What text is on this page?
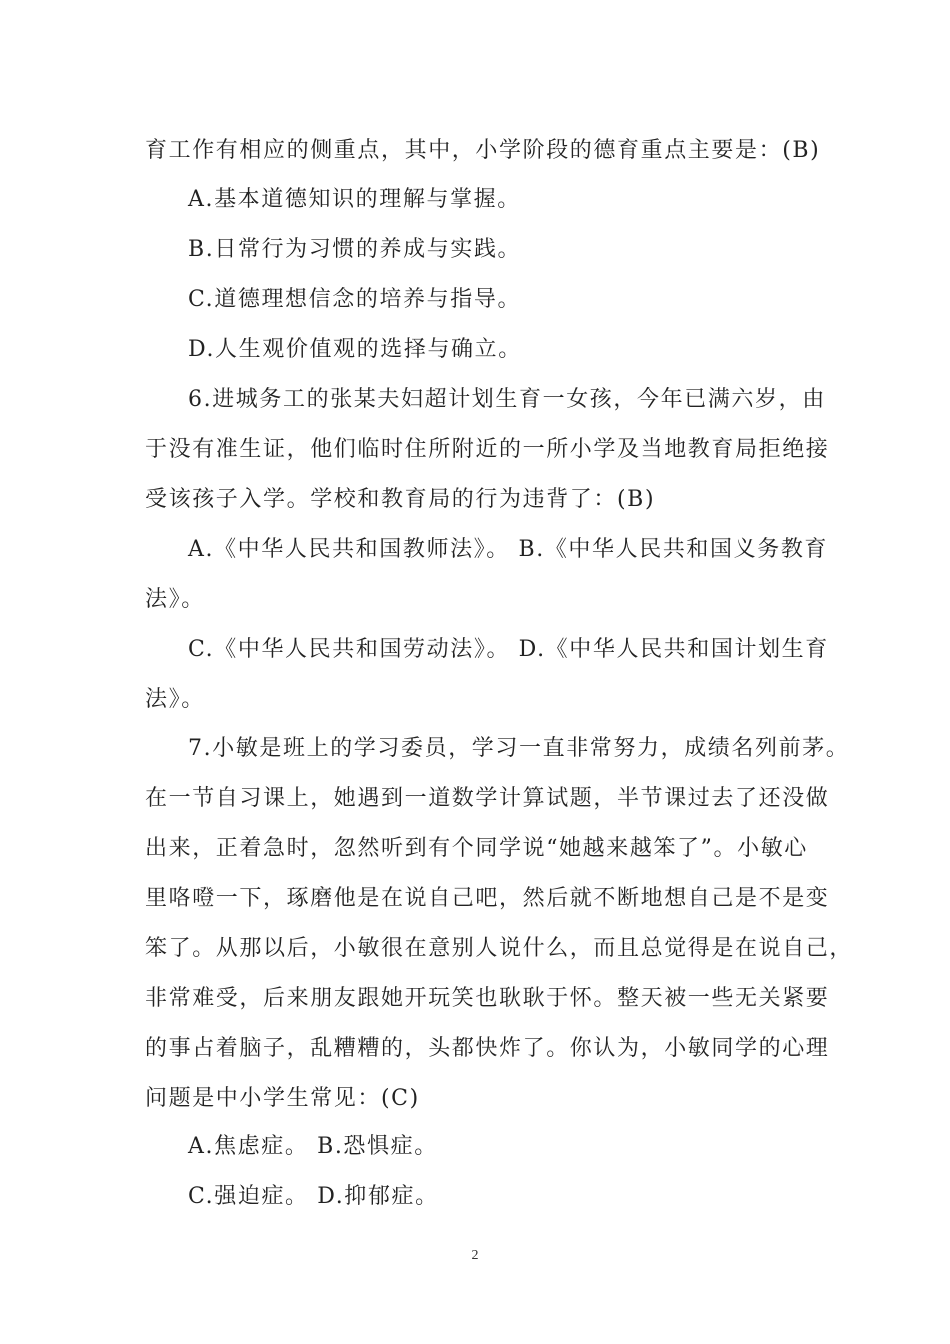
育工作有相应的侧重点，其中，小学阶段的德育重点主要是：(B)
A.基本道德知识的理解与掌握。
B.日常行为习惯的养成与实践。
C.道德理想信念的培养与指导。
D.人生观价值观的选择与确立。
6.进城务工的张某夫妇超计划生育一女孩，今年已满六岁，由
于没有准生证，他们临时住所附近的一所小学及当地教育局拒绝接
受该孩子入学。学校和教育局的行为违背了：(B)
A.《中华人民共和国教师法》。 B.《中华人民共和国义务教育
法》。
C.《中华人民共和国劳动法》。 D.《中华人民共和国计划生育
法》。
7.小敏是班上的学习委员，学习一直非常努力，成绩名列前茅。
在一节自习课上，她遇到一道数学计算试题，半节课过去了还没做
出来，正着急时，忽然听到有个同学说“她越来越笨了”。小敏心
里咯噔一下，琢磨他是在说自己吧，然后就不断地想自己是不是变
笨了。从那以后，小敏很在意别人说什么，而且总觉得是在说自己，
非常难受，后来朋友跟她开玩笑也耿耿于怀。整天被一些无关紧要
的事占着脑子，乱糟糟的，头都快炸了。你认为，小敏同学的心理
问题是中小学生常见：(C)
A.焦虑症。 B.恐惧症。
C.强迫症。 D.抑郁症。
2
